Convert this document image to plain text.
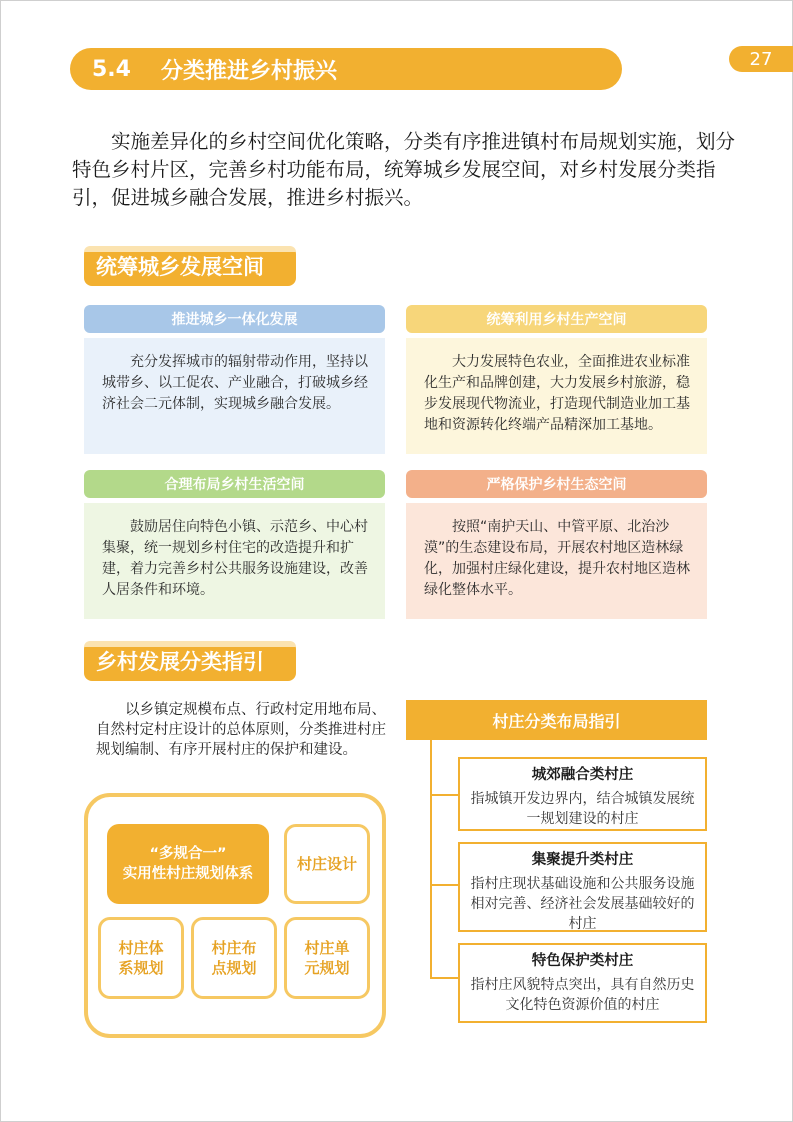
5.4 分类推进乡村振兴	27

实施差异化的乡村空间优化策略，分类有序推进镇村布局规划实施，划分特色乡村片区，完善乡村功能布局，统筹城乡发展空间，对乡村发展分类指引，促进城乡融合发展，推进乡村振兴。

统筹城乡发展空间
推进城乡一体化发展
充分发挥城市的辐射带动作用，坚持以城带乡、以工促农、产业融合，打破城乡经济社会二元体制，实现城乡融合发展。
统筹利用乡村生产空间
大力发展特色农业，全面推进农业标准化生产和品牌创建，大力发展乡村旅游，稳步发展现代物流业，打造现代制造业加工基地和资源转化终端产品精深加工基地。
合理布局乡村生活空间
鼓励居住向特色小镇、示范乡、中心村集聚，统一规划乡村住宅的改造提升和扩建，着力完善乡村公共服务设施建设，改善人居条件和环境。
严格保护乡村生态空间
按照“南护天山、中管平原、北治沙漠”的生态建设布局，开展农村地区造林绿化，加强村庄绿化建设，提升农村地区造林绿化整体水平。
乡村发展分类指引

以乡镇定规模布点、行政村定用地布局、自然村定村庄设计的总体原则，分类推进村庄规划编制、有序开展村庄的保护和建设。

“多规合一”
实用性村庄规划体系
村庄设计
村庄体系规划
村庄布点规划
村庄单元规划
村庄分类布局指引
城郊融合类村庄
指城镇开发边界内，结合城镇发展统一规划建设的村庄
集聚提升类村庄
指村庄现状基础设施和公共服务设施相对完善、经济社会发展基础较好的村庄
特色保护类村庄
指村庄风貌特点突出，具有自然历史文化特色资源价值的村庄
